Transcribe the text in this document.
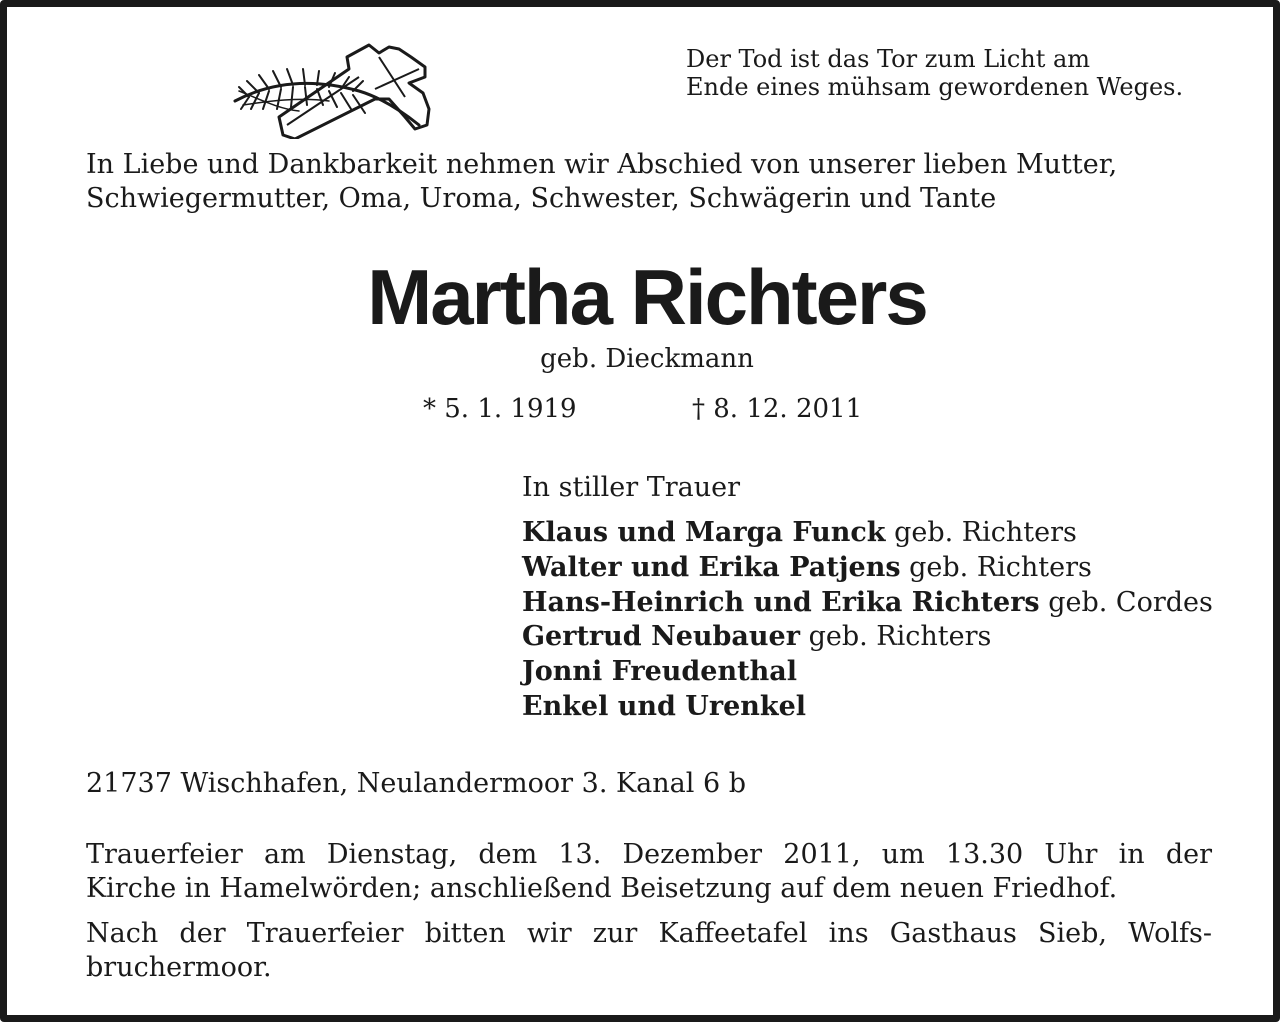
Der Tod ist das Tor zum Licht am
Ende eines mühsam gewordenen Weges.
In Liebe und Dankbarkeit nehmen wir Abschied von unserer lieben Mutter,
Schwiegermutter, Oma, Uroma, Schwester, Schwägerin und Tante
Martha Richters
geb. Dieckmann
* 5. 1. 1919	† 8. 12. 2011
In stiller Trauer
Klaus und Marga Funck geb. Richters
Walter und Erika Patjens geb. Richters
Hans-Heinrich und Erika Richters geb. Cordes
Gertrud Neubauer geb. Richters
Jonni Freudenthal
Enkel und Urenkel
21737 Wischhafen, Neulandermoor 3. Kanal 6 b
Trauerfeier am Dienstag, dem 13. Dezember 2011, um 13.30 Uhr in der
Kirche in Hamelwörden; anschließend Beisetzung auf dem neuen Friedhof.
Nach der Trauerfeier bitten wir zur Kaffeetafel ins Gasthaus Sieb, Wolfs-
bruchermoor.
